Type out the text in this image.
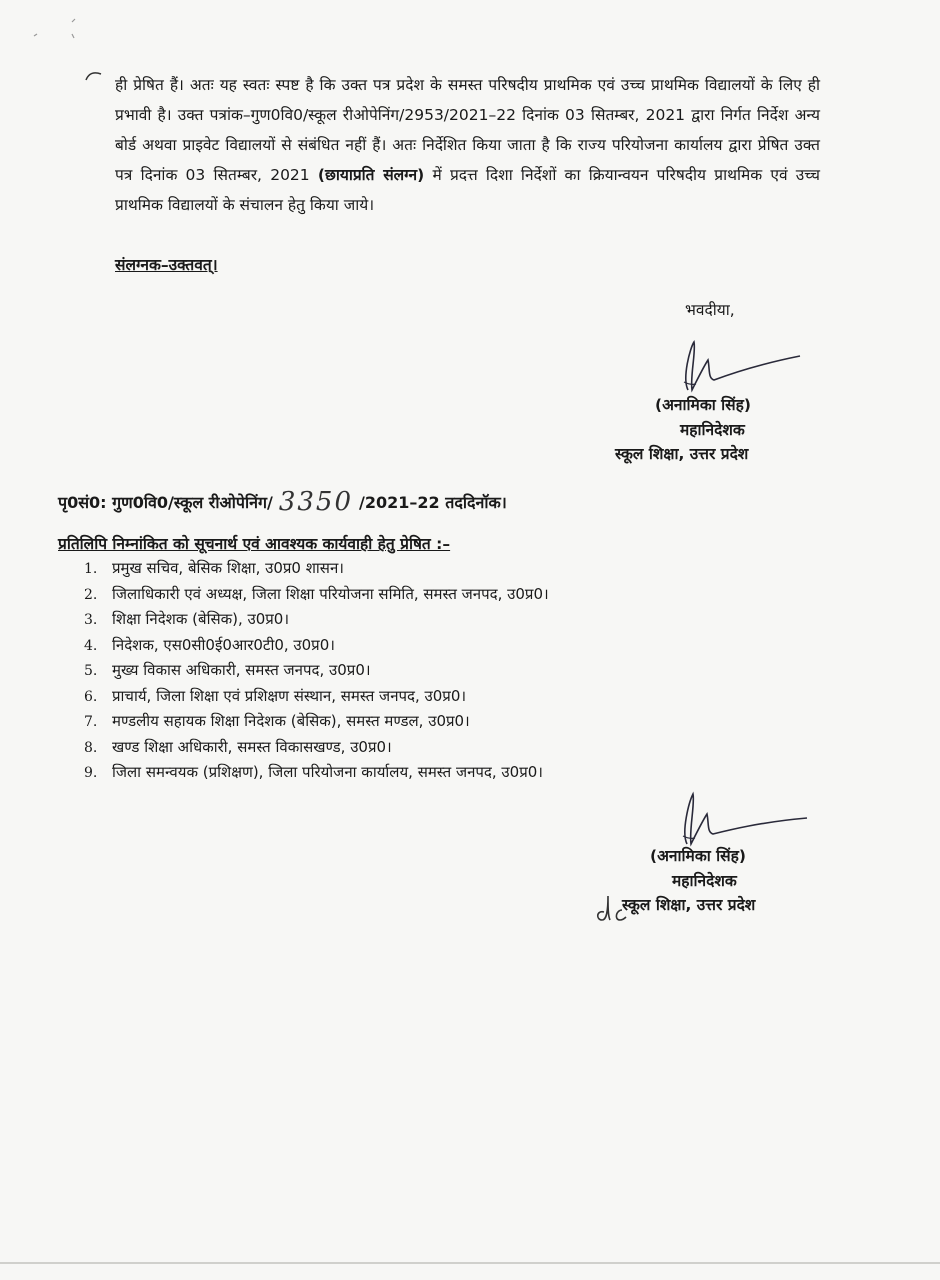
ही प्रेषित हैं। अतः यह स्वतः स्पष्ट है कि उक्त पत्र प्रदेश के समस्त परिषदीय प्राथमिक एवं उच्च प्राथमिक विद्यालयों के लिए ही प्रभावी है। उक्त पत्रांक–गुण0वि0/स्कूल रीओपेनिंग/2953/2021–22 दिनांक 03 सितम्बर, 2021 द्वारा निर्गत निर्देश अन्य बोर्ड अथवा प्राइवेट विद्यालयों से संबंधित नहीं हैं। अतः निर्देशित किया जाता है कि राज्य परियोजना कार्यालय द्वारा प्रेषित उक्त पत्र दिनांक 03 सितम्बर, 2021 (छायाप्रति संलग्न) में प्रदत्त दिशा निर्देशों का क्रियान्वयन परिषदीय प्राथमिक एवं उच्च प्राथमिक विद्यालयों के संचालन हेतु किया जाये।
संलग्नक–उक्तवत्।
भवदीया,
(अनामिका सिंह)
महानिदेशक
स्कूल शिक्षा, उत्तर प्रदेश
पृ0सं0: गुण0वि0/स्कूल रीओपेनिंग/ 3350 /2021–22 तददिनॉक।
प्रतिलिपि निम्नांकित को सूचनार्थ एवं आवश्यक कार्यवाही हेतु प्रेषित :–
1. प्रमुख सचिव, बेसिक शिक्षा, उ0प्र0 शासन।
2. जिलाधिकारी एवं अध्यक्ष, जिला शिक्षा परियोजना समिति, समस्त जनपद, उ0प्र0।
3. शिक्षा निदेशक (बेसिक), उ0प्र0।
4. निदेशक, एस0सी0ई0आर0टी0, उ0प्र0।
5. मुख्य विकास अधिकारी, समस्त जनपद, उ0प्र0।
6. प्राचार्य, जिला शिक्षा एवं प्रशिक्षण संस्थान, समस्त जनपद, उ0प्र0।
7. मण्डलीय सहायक शिक्षा निदेशक (बेसिक), समस्त मण्डल, उ0प्र0।
8. खण्ड शिक्षा अधिकारी, समस्त विकासखण्ड, उ0प्र0।
9. जिला समन्वयक (प्रशिक्षण), जिला परियोजना कार्यालय, समस्त जनपद, उ0प्र0।
(अनामिका सिंह)
महानिदेशक
स्कूल शिक्षा, उत्तर प्रदेश
